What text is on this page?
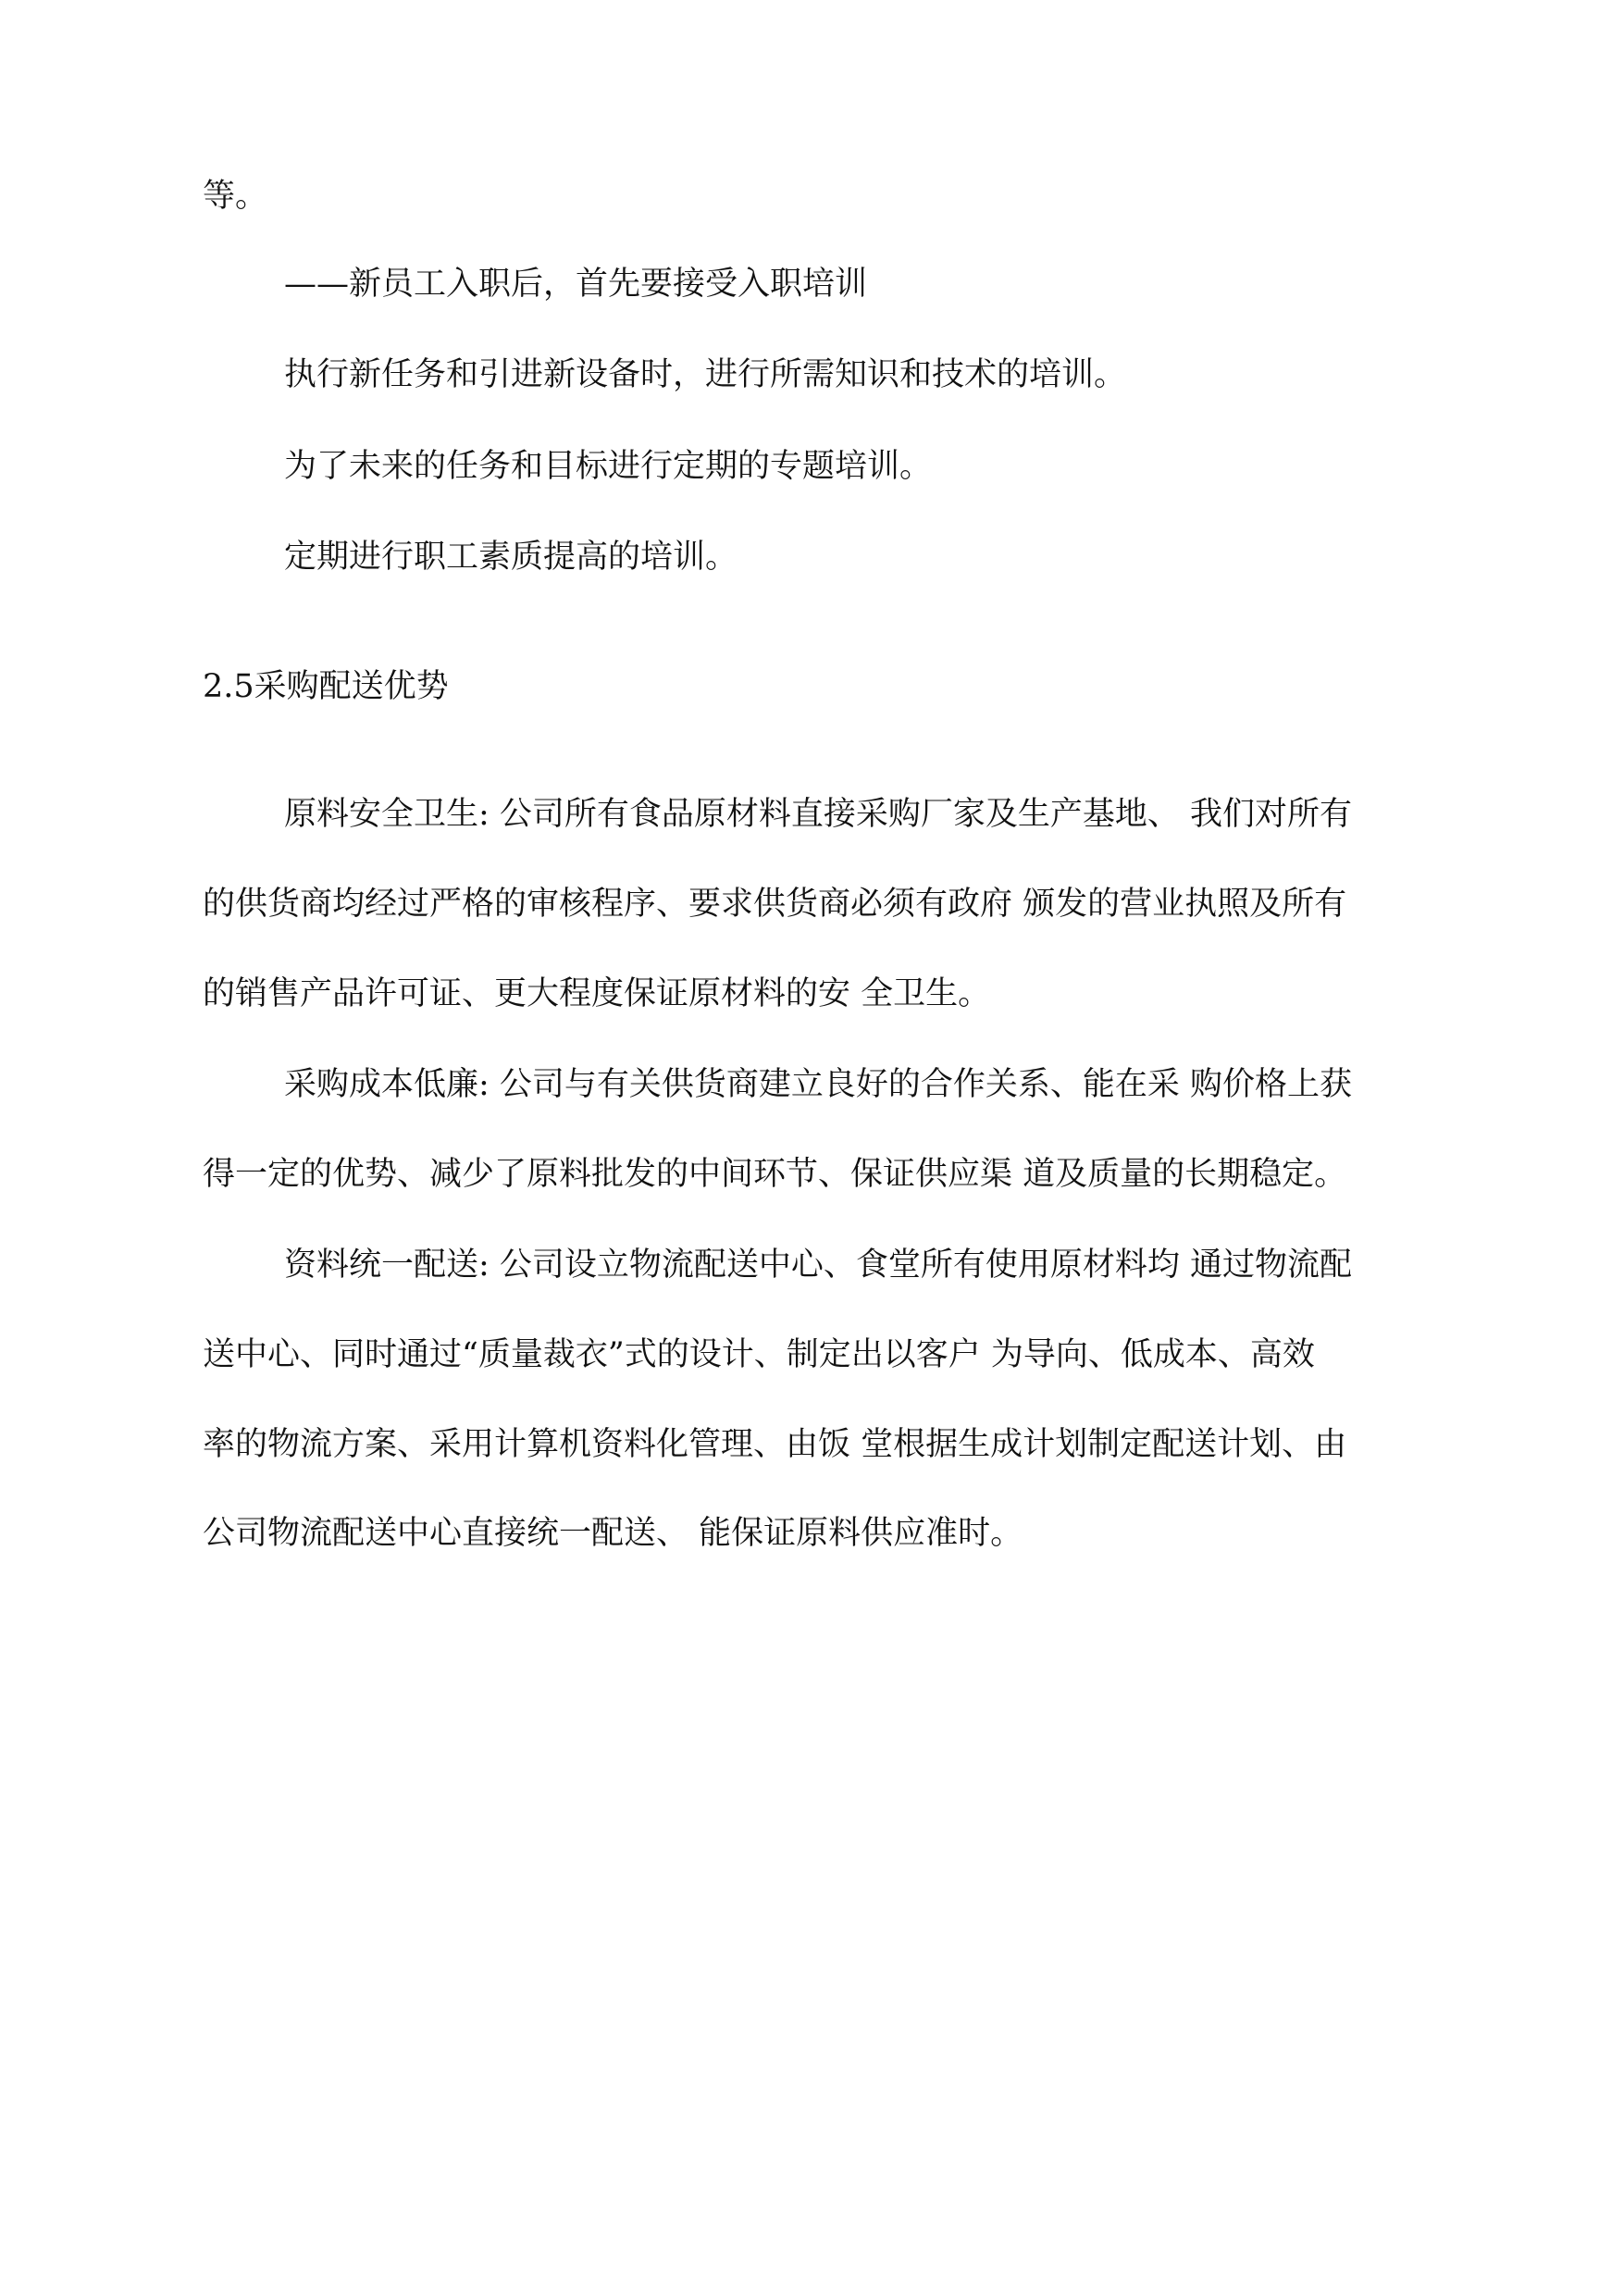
等。

——新员工入职后，首先要接受入职培训

执行新任务和引进新设备时，进行所需知识和技术的培训。

为了未来的任务和目标进行定期的专题培训。

定期进行职工素质提高的培训。

2.5采购配送优势

原料安全卫生: 公司所有食品原材料直接采购厂家及生产基地、 我们对所有

的供货商均经过严格的审核程序、要求供货商必须有政府 颁发的营业执照及所有

的销售产品许可证、更大程度保证原材料的安 全卫生。

采购成本低廉: 公司与有关供货商建立良好的合作关系、能在采 购价格上获

得一定的优势、减少了原料批发的中间环节、保证供应渠 道及质量的长期稳定。

资料统一配送: 公司设立物流配送中心、食堂所有使用原材料均 通过物流配

送中心、同时通过“质量裁衣”式的设计、制定出以客户 为导向、低成本、高效

率的物流方案、采用计算机资料化管理、由饭 堂根据生成计划制定配送计划、由

公司物流配送中心直接统一配送、 能保证原料供应准时。
